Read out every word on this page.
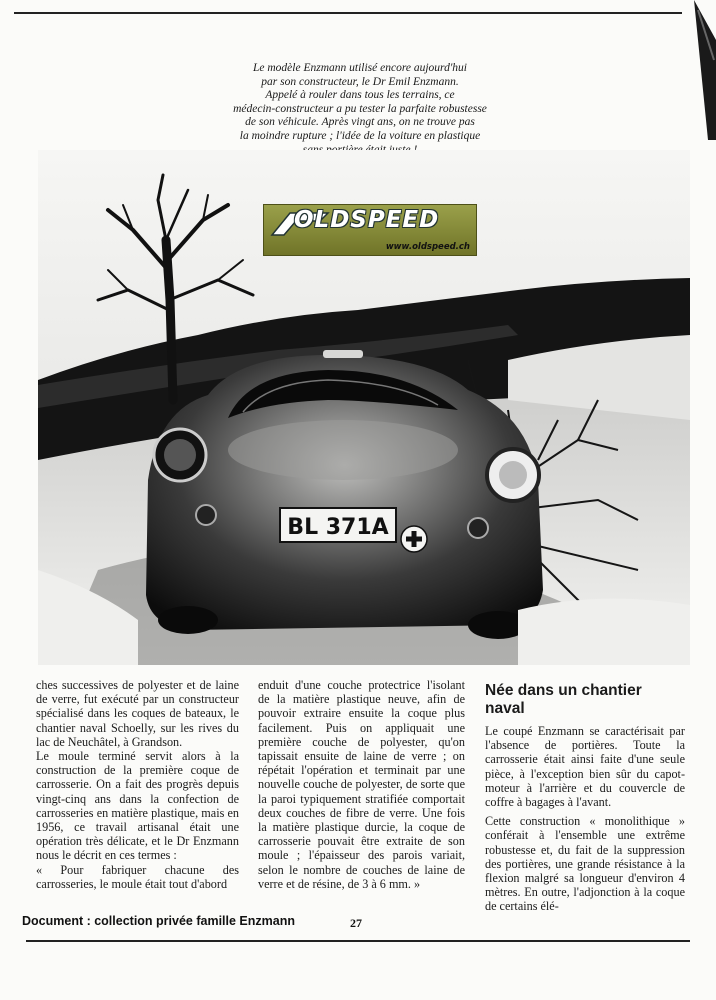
Le modèle Enzmann utilisé encore aujourd'hui
par son constructeur, le Dr Emil Enzmann.
Appelé à rouler dans tous les terrains, ce
médecin-constructeur a pu tester la parfaite robustesse
de son véhicule. Après vingt ans, on ne trouve pas
la moindre rupture ; l'idée de la voiture en plastique
BL 371A
OLDSPEED
www.oldspeed.ch

ches successives de polyester et de laine de verre, fut exécuté par un constructeur spécialisé dans les coques de bateaux, le chantier naval Schoelly, sur les rives du lac de Neuchâtel, à Grandson.

Le moule terminé servit alors à la construction de la première coque de carrosserie. On a fait des progrès depuis vingt-cinq ans dans la confection de carrosseries en matière plastique, mais en 1956, ce travail artisanal était une opération très délicate, et le Dr Enzmann nous le décrit en ces termes :

« Pour fabriquer chacune des carrosseries, le moule était tout d'abord

enduit d'une couche protectrice l'isolant de la matière plastique neuve, afin de pouvoir extraire ensuite la coque plus facilement. Puis on appliquait une première couche de polyester, qu'on tapissait ensuite de laine de verre ; on répétait l'opération et terminait par une nouvelle couche de polyester, de sorte que la paroi typiquement stratifiée comportait deux couches de fibre de verre. Une fois la matière plastique durcie, la coque de carrosserie pouvait être extraite de son moule ; l'épaisseur des parois variait, selon le nombre de couches de laine de verre et de résine, de 3 à 6 mm. »

Née dans un chantier naval

Le coupé Enzmann se caractérisait par l'absence de portières. Toute la carrosserie était ainsi faite d'une seule pièce, à l'exception bien sûr du capot-moteur à l'arrière et du couvercle de coffre à bagages à l'avant.

Cette construction « monolithique » conférait à l'ensemble une extrême robustesse et, du fait de la suppression des portières, une grande résistance à la flexion malgré sa longueur d'environ 4 mètres. En outre, l'adjonction à la coque de certains élé-

Document : collection privée famille Enzmann	27
